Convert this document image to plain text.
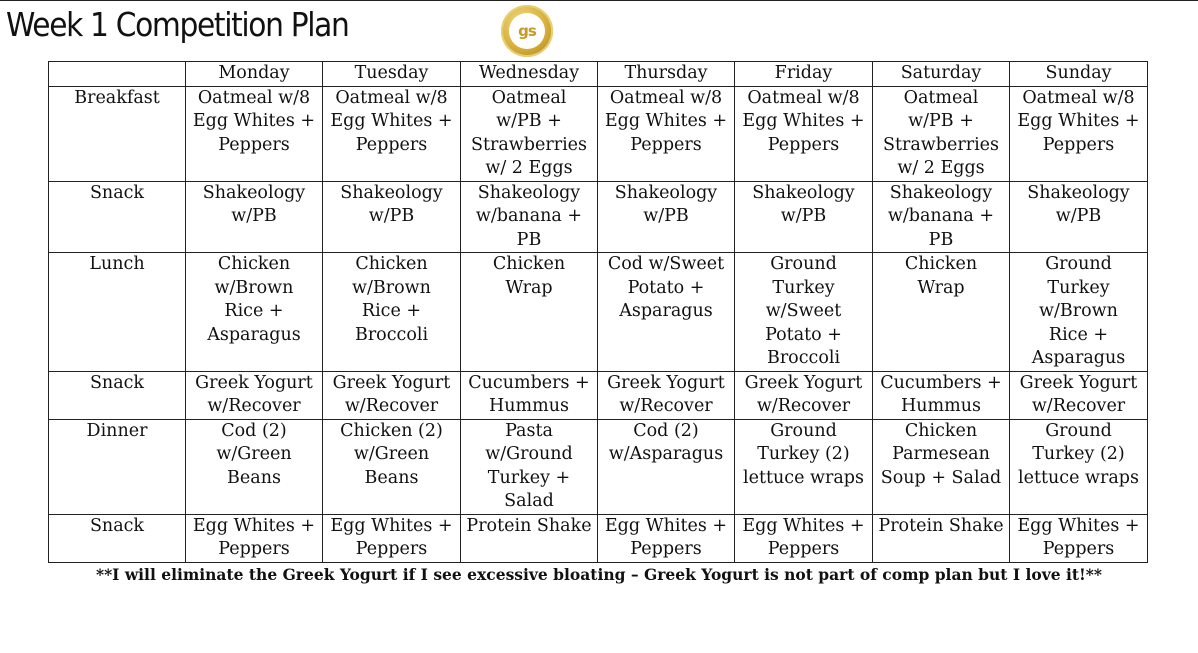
Week 1 Competition Plan	gs
	Monday	Tuesday	Wednesday	Thursday	Friday	Saturday	Sunday
Breakfast	Oatmeal w/8
Egg Whites +
Peppers	Oatmeal w/8
Egg Whites +
Peppers	Oatmeal
w/PB +
Strawberries
w/ 2 Eggs	Oatmeal w/8
Egg Whites +
Peppers	Oatmeal w/8
Egg Whites +
Peppers	Oatmeal
w/PB +
Strawberries
w/ 2 Eggs	Oatmeal w/8
Egg Whites +
Peppers

Snack	Shakeology
w/PB	Shakeology
w/PB	Shakeology
w/banana +
PB	Shakeology
w/PB	Shakeology
w/PB	Shakeology
w/banana +
PB	Shakeology
w/PB

Lunch	Chicken
w/Brown
Rice +
Asparagus	Chicken
w/Brown
Rice +
Broccoli	Chicken
Wrap	Cod w/Sweet
Potato +
Asparagus	Ground
Turkey
w/Sweet
Potato +
Broccoli	Chicken
Wrap	Ground
Turkey
w/Brown
Rice +
Asparagus

Snack	Greek Yogurt
w/Recover	Greek Yogurt
w/Recover	Cucumbers +
Hummus	Greek Yogurt
w/Recover	Greek Yogurt
w/Recover	Cucumbers +
Hummus	Greek Yogurt
w/Recover

Dinner	Cod (2)
w/Green
Beans	Chicken (2)
w/Green
Beans	Pasta
w/Ground
Turkey +
Salad	Cod (2)
w/Asparagus	Ground
Turkey (2)
lettuce wraps	Chicken
Parmesean
Soup + Salad	Ground
Turkey (2)
lettuce wraps

Snack	Egg Whites +
Peppers	Egg Whites +
Peppers	Protein Shake	Egg Whites +
Peppers	Egg Whites +
Peppers	Protein Shake	Egg Whites +
Peppers
**I will eliminate the Greek Yogurt if I see excessive bloating – Greek Yogurt is not part of comp plan but I love it!**
